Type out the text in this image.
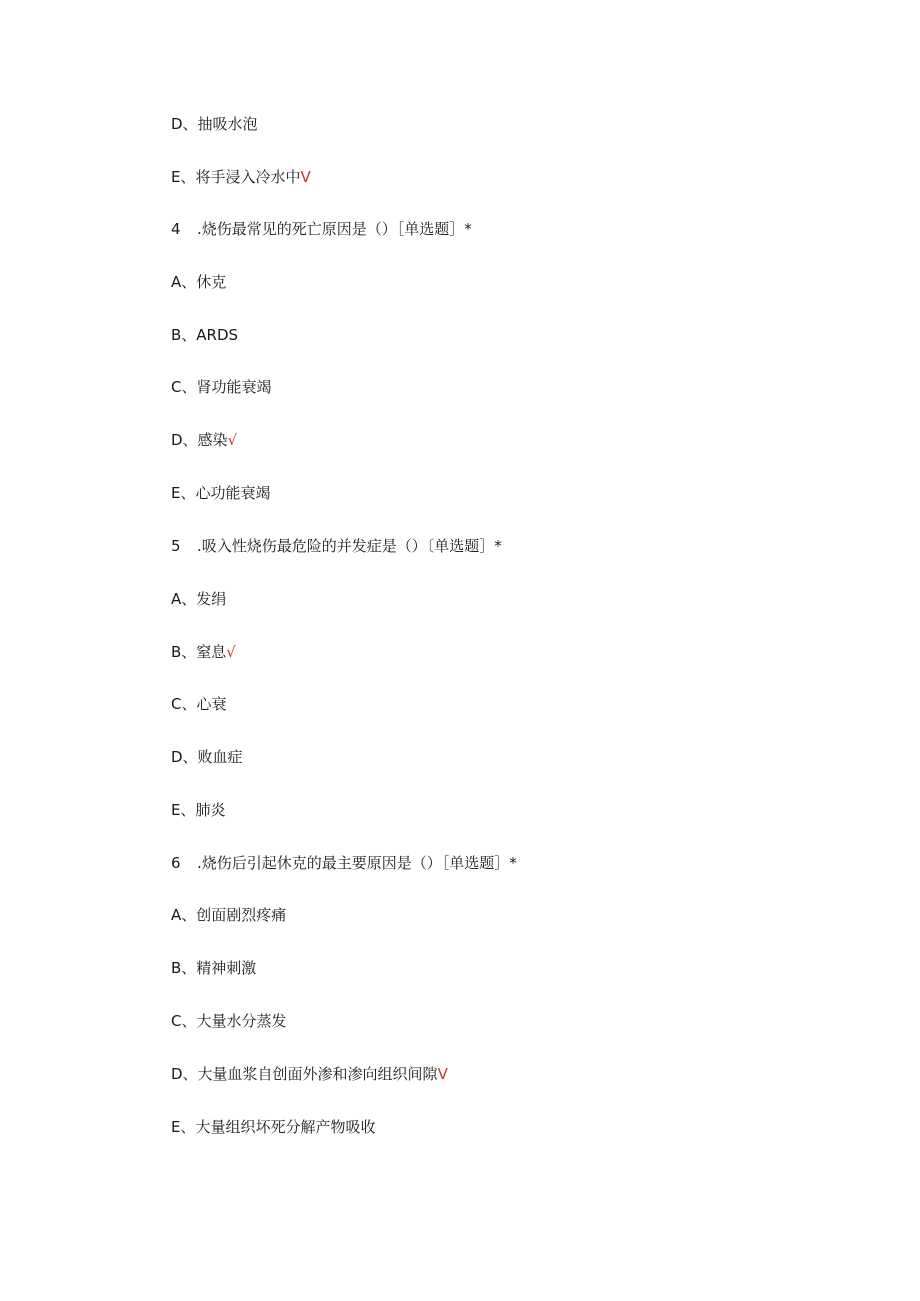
D、抽吸水泡
E、将手浸入冷水中V
4 .烧伤最常见的死亡原因是（）［单选题］*
A、休克
B、ARDS
C、肾功能衰竭
D、感染√
E、心功能衰竭
5 .吸入性烧伤最危险的并发症是（）〔单选题］*
A、发绢
B、窒息√
C、心衰
D、败血症
E、肺炎
6 .烧伤后引起休克的最主要原因是（）［单选题］*
A、创面剧烈疼痛
B、精神刺激
C、大量水分蒸发
D、大量血浆自创面外渗和渗向组织间隙V
E、大量组织坏死分解产物吸收
